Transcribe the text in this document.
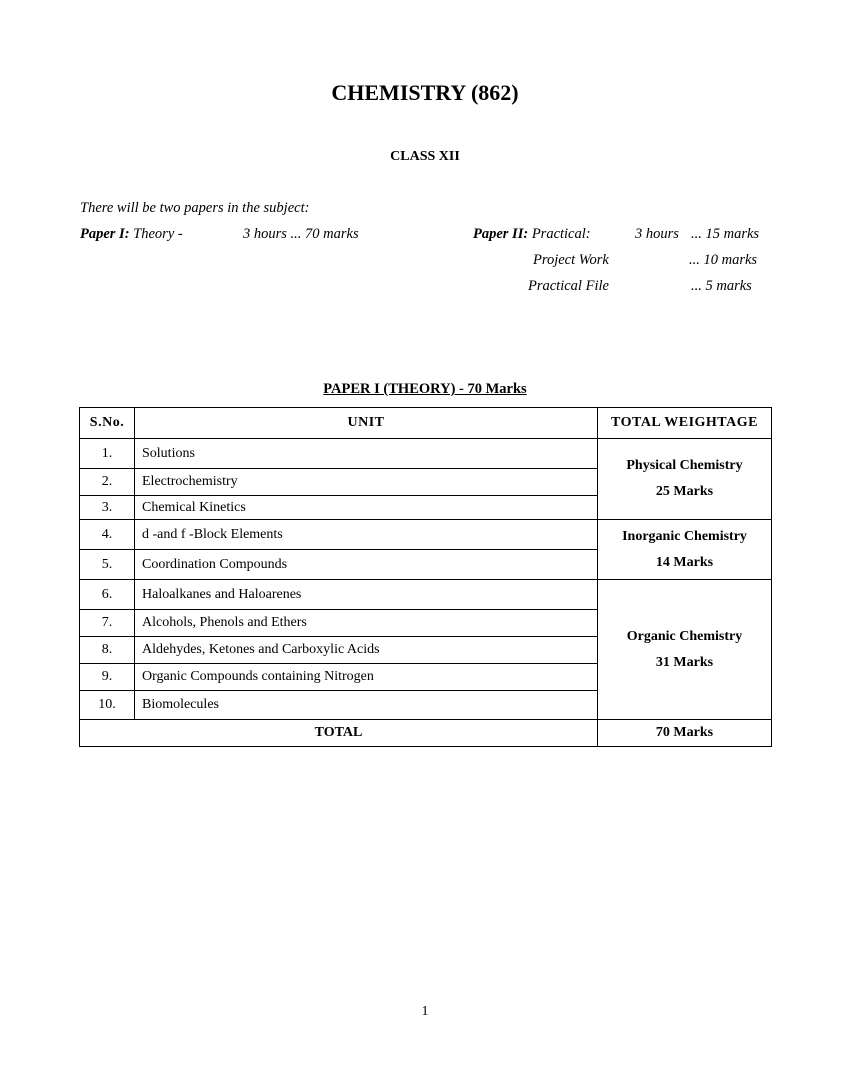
CHEMISTRY (862)
CLASS XII
There will be two papers in the subject:
Paper I: Theory -	3 hours ... 70 marks	Paper II: Practical:	3 hours ... 15 marks
Project Work	... 10 marks
Practical File	... 5 marks
PAPER I (THEORY) - 70 Marks
S.No.	UNIT	TOTAL WEIGHTAGE
1.	Solutions	Physical Chemistry
25 Marks

2.	Electrochemistry	
3.	Chemical Kinetics	
4.	d -and f -Block Elements	Inorganic Chemistry
14 Marks

5.	Coordination Compounds	
6.	Haloalkanes and Haloarenes	Organic Chemistry
31 Marks

7.	Alcohols, Phenols and Ethers	
8.	Aldehydes, Ketones and Carboxylic Acids	
9.	Organic Compounds containing Nitrogen	
10.	Biomolecules	
TOTAL		70 Marks
1
